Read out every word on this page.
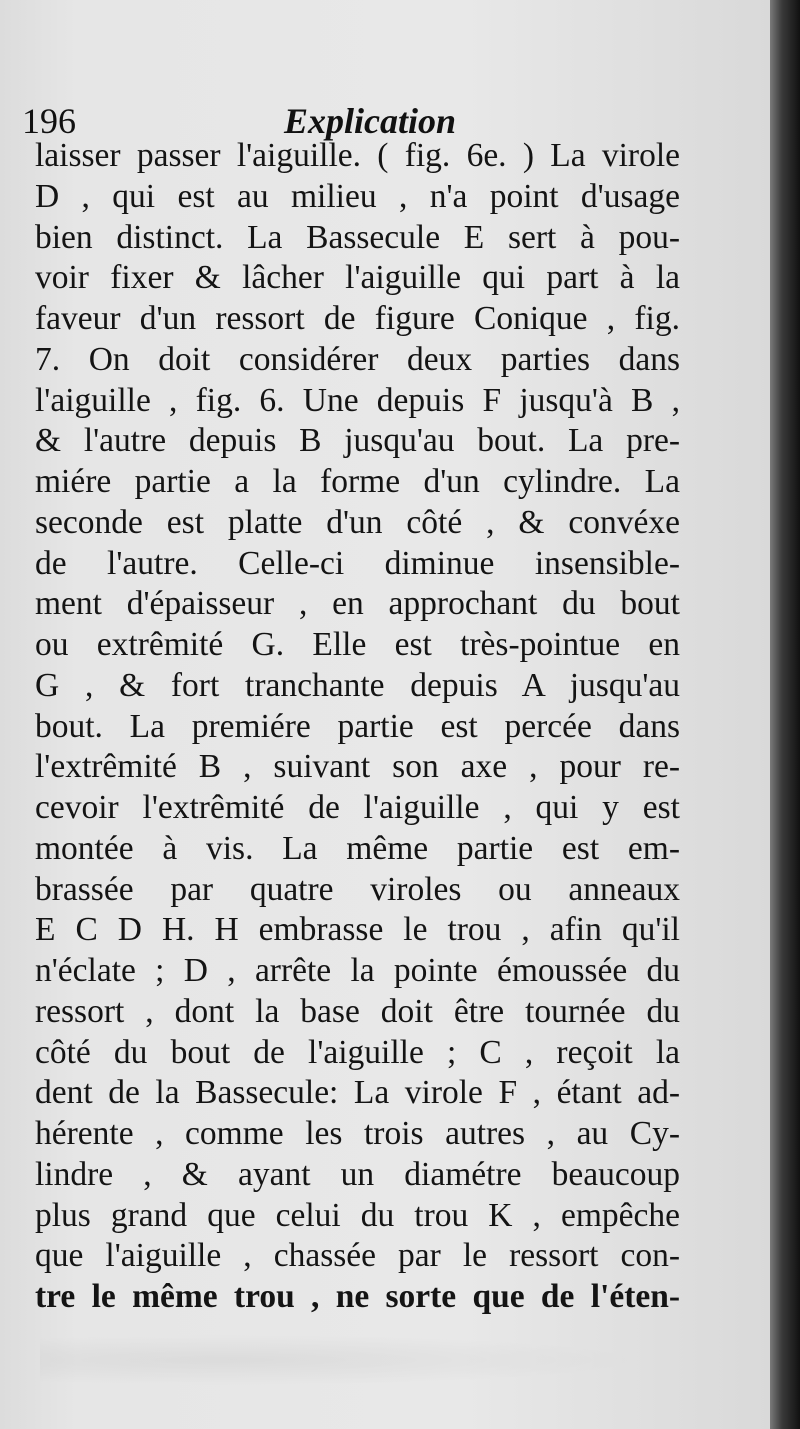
196	Explication
laisser passer l'aiguille. ( fig. 6e. ) La virole
D , qui est au milieu , n'a point d'usage
bien distinct. La Bassecule E sert à pou-
voir fixer & lâcher l'aiguille qui part à la
faveur d'un ressort de figure Conique , fig.
7. On doit considérer deux parties dans
l'aiguille , fig. 6. Une depuis F jusqu'à B ,
& l'autre depuis B jusqu'au bout. La pre-
miére partie a la forme d'un cylindre. La
seconde est platte d'un côté , & convéxe
de l'autre. Celle-ci diminue insensible-
ment d'épaisseur , en approchant du bout
ou extrêmité G. Elle est très-pointue en
G , & fort tranchante depuis A jusqu'au
bout. La premiére partie est percée dans
l'extrêmité B , suivant son axe , pour re-
cevoir l'extrêmité de l'aiguille , qui y est
montée à vis. La même partie est em-
brassée par quatre viroles ou anneaux
E C D H. H embrasse le trou , afin qu'il
n'éclate ; D , arrête la pointe émoussée du
ressort , dont la base doit être tournée du
côté du bout de l'aiguille ; C , reçoit la
dent de la Bassecule: La virole F , étant ad-
hérente , comme les trois autres , au Cy-
lindre , & ayant un diamétre beaucoup
plus grand que celui du trou K , empêche
que l'aiguille , chassée par le ressort con-
tre le même trou , ne sorte que de l'éten-
